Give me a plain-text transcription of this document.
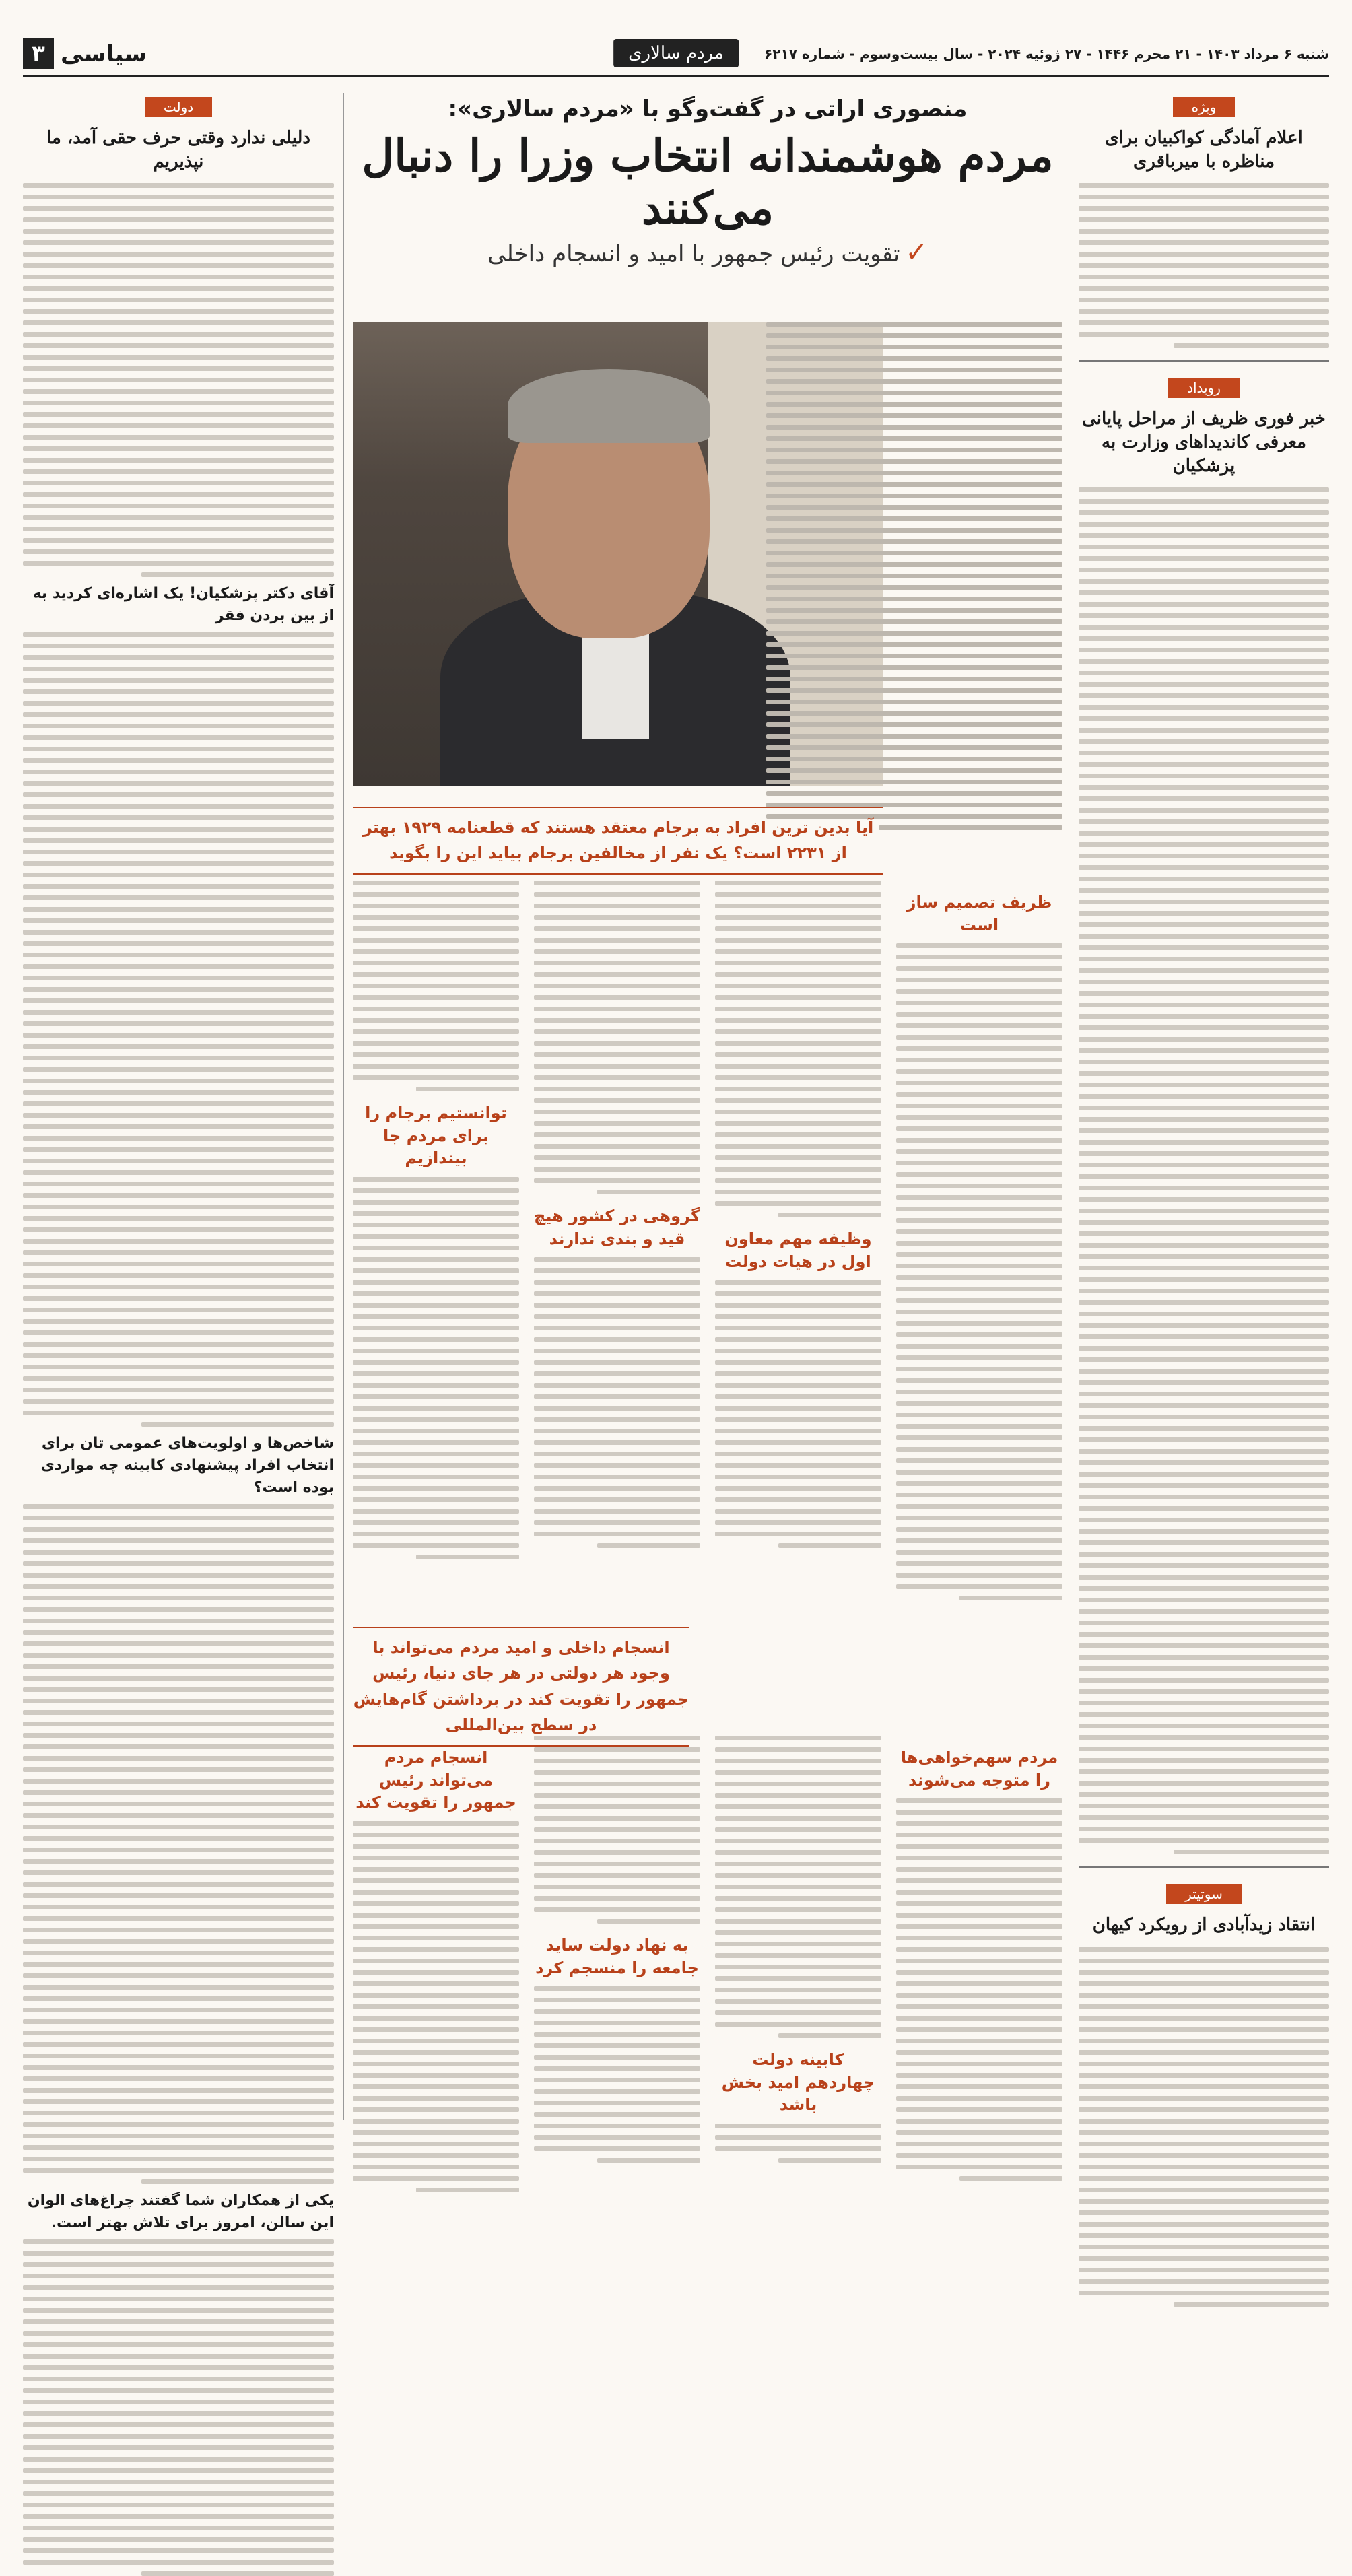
شنبه ۶ مرداد ۱۴۰۳ - ۲۱ محرم ۱۴۴۶ - ۲۷ ژوئیه ۲۰۲۴ - سال بیست‌وسوم - شماره ۶۲۱۷
مردم سالاری
سیاسی
۳
ویژه
اعلام آمادگی کواکبیان برای مناظره با میرباقری
رویداد
خبر فوری ظریف از مراحل پایانی معرفی کاندیداهای وزارت به پزشکیان
سوتیتر
انتقاد زیدآبادی از رویکرد کیهان
منصوری اراتی در گفت‌وگو با «مردم سالاری»:
مردم هوشمندانه انتخاب وزرا را دنبال می‌کنند
✓تقویت رئیس جمهور با امید و انسجام داخلی
آیا بدین ترین افراد به برجام معتقد هستند که قطعنامه ۱۹۲۹ بهتر از ۲۲۳۱ است؟ یک نفر از مخالفین برجام بیاید این را بگوید
ظریف تصمیم ساز است
وظیفه مهم معاون اول در هیات دولت
گروهی در کشور هیچ قید و بندی ندارند
توانستیم برجام را برای مردم جا بیندازیم
انسجام داخلی و امید مردم می‌تواند با وجود هر دولتی در هر جای دنیا، رئیس جمهور را تقویت کند در برداشتن گام‌هایش در سطح بین‌المللی
مردم سهم‌خواهی‌ها را متوجه می‌شوند
کابینه دولت چهاردهم امید بخش باشد
به نهاد دولت ساید جامعه را منسجم کرد
انسجام مردم می‌تواند رئیس جمهور را تقویت کند
دولت
دلیلی ندارد وقتی حرف حقی آمد، ما نپذیریم
آقای دکتر پزشکیان! یک اشاره‌ای کردید به از بین بردن فقر
شاخص‌ها و اولویت‌های عمومی تان برای انتخاب افراد پیشنهادی کابینه چه مواردی بوده است؟
یکی از همکاران شما گفتند چراغ‌های الوان این سالن، امروز برای تلاش بهتر است.
